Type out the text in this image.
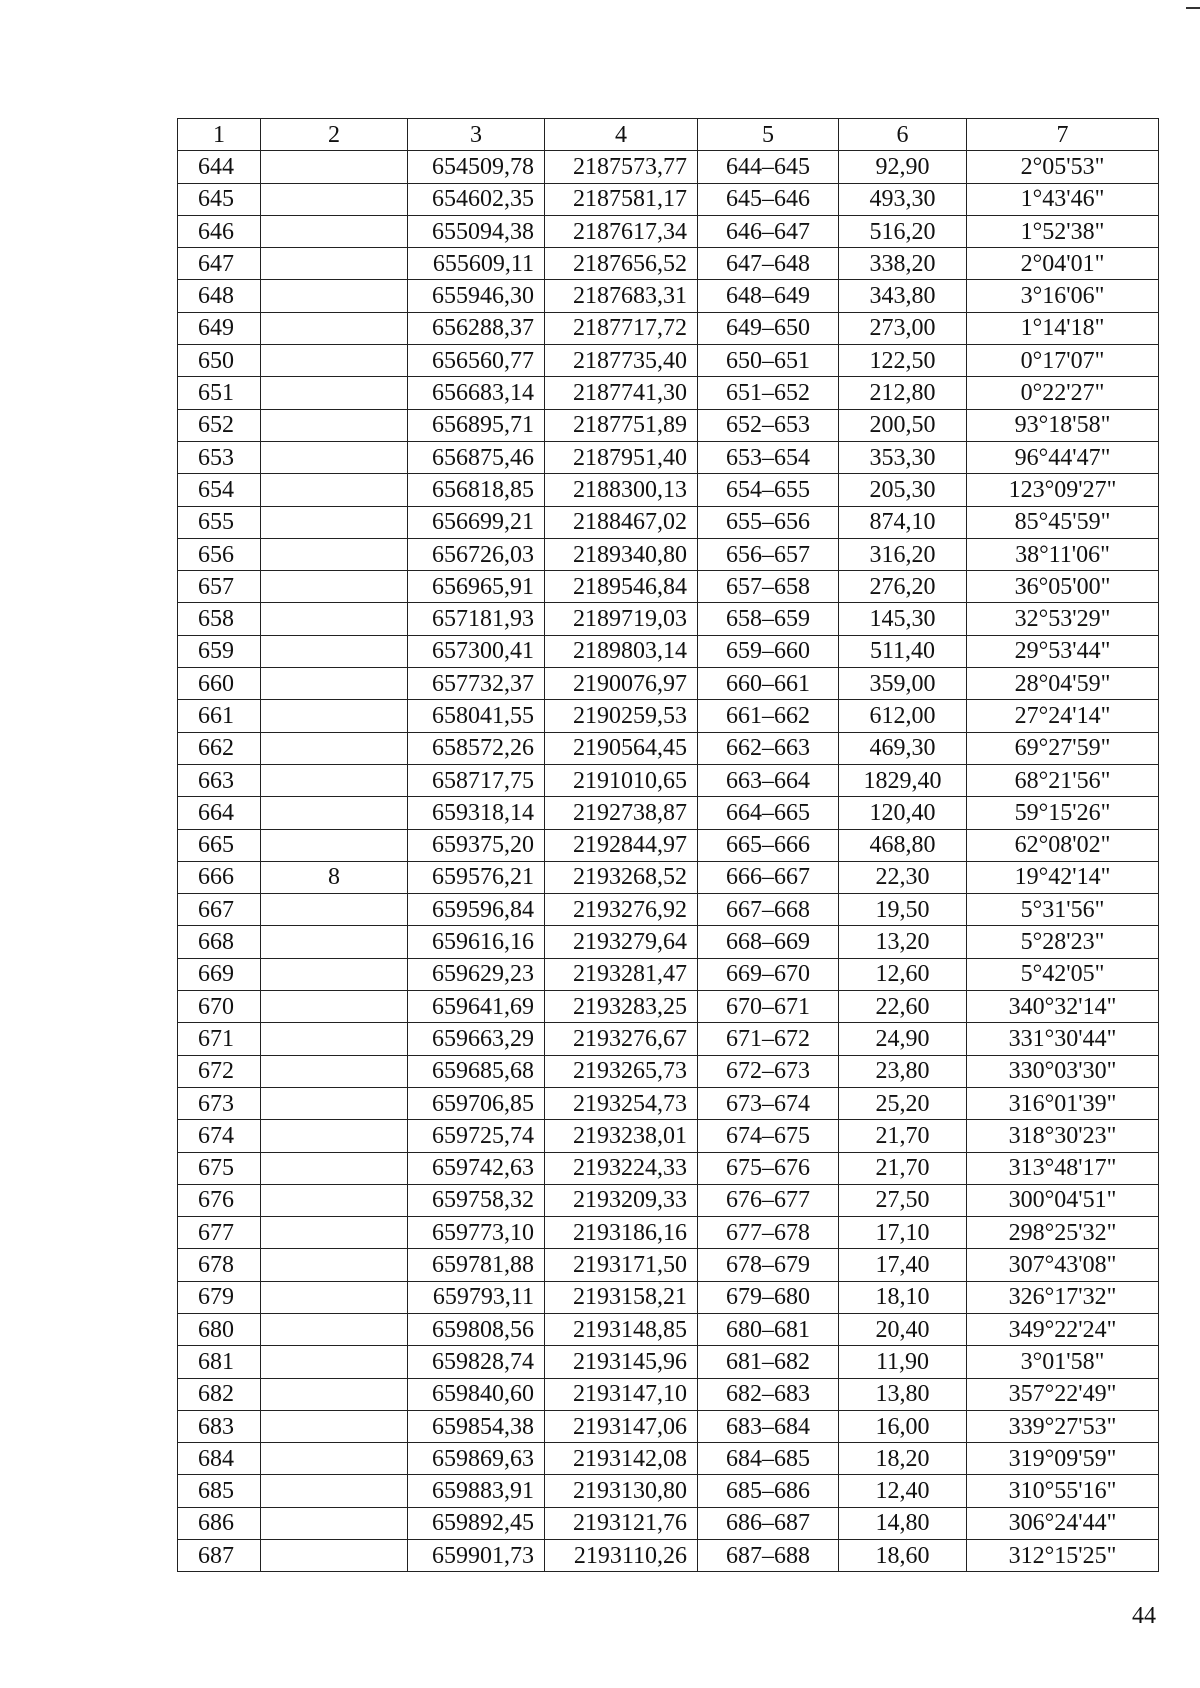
1	2	3	4	5	6	7
644		654509,78	2187573,77	644–645	92,90	2°05'53"
645		654602,35	2187581,17	645–646	493,30	1°43'46"
646		655094,38	2187617,34	646–647	516,20	1°52'38"
647		655609,11	2187656,52	647–648	338,20	2°04'01"
648		655946,30	2187683,31	648–649	343,80	3°16'06"
649		656288,37	2187717,72	649–650	273,00	1°14'18"
650		656560,77	2187735,40	650–651	122,50	0°17'07"
651		656683,14	2187741,30	651–652	212,80	0°22'27"
652		656895,71	2187751,89	652–653	200,50	93°18'58"
653		656875,46	2187951,40	653–654	353,30	96°44'47"
654		656818,85	2188300,13	654–655	205,30	123°09'27"
655		656699,21	2188467,02	655–656	874,10	85°45'59"
656		656726,03	2189340,80	656–657	316,20	38°11'06"
657		656965,91	2189546,84	657–658	276,20	36°05'00"
658		657181,93	2189719,03	658–659	145,30	32°53'29"
659		657300,41	2189803,14	659–660	511,40	29°53'44"
660		657732,37	2190076,97	660–661	359,00	28°04'59"
661		658041,55	2190259,53	661–662	612,00	27°24'14"
662		658572,26	2190564,45	662–663	469,30	69°27'59"
663		658717,75	2191010,65	663–664	1829,40	68°21'56"
664		659318,14	2192738,87	664–665	120,40	59°15'26"
665		659375,20	2192844,97	665–666	468,80	62°08'02"
666	8	659576,21	2193268,52	666–667	22,30	19°42'14"
667		659596,84	2193276,92	667–668	19,50	5°31'56"
668		659616,16	2193279,64	668–669	13,20	5°28'23"
669		659629,23	2193281,47	669–670	12,60	5°42'05"
670		659641,69	2193283,25	670–671	22,60	340°32'14"
671		659663,29	2193276,67	671–672	24,90	331°30'44"
672		659685,68	2193265,73	672–673	23,80	330°03'30"
673		659706,85	2193254,73	673–674	25,20	316°01'39"
674		659725,74	2193238,01	674–675	21,70	318°30'23"
675		659742,63	2193224,33	675–676	21,70	313°48'17"
676		659758,32	2193209,33	676–677	27,50	300°04'51"
677		659773,10	2193186,16	677–678	17,10	298°25'32"
678		659781,88	2193171,50	678–679	17,40	307°43'08"
679		659793,11	2193158,21	679–680	18,10	326°17'32"
680		659808,56	2193148,85	680–681	20,40	349°22'24"
681		659828,74	2193145,96	681–682	11,90	3°01'58"
682		659840,60	2193147,10	682–683	13,80	357°22'49"
683		659854,38	2193147,06	683–684	16,00	339°27'53"
684		659869,63	2193142,08	684–685	18,20	319°09'59"
685		659883,91	2193130,80	685–686	12,40	310°55'16"
686		659892,45	2193121,76	686–687	14,80	306°24'44"
687		659901,73	2193110,26	687–688	18,60	312°15'25"
44
